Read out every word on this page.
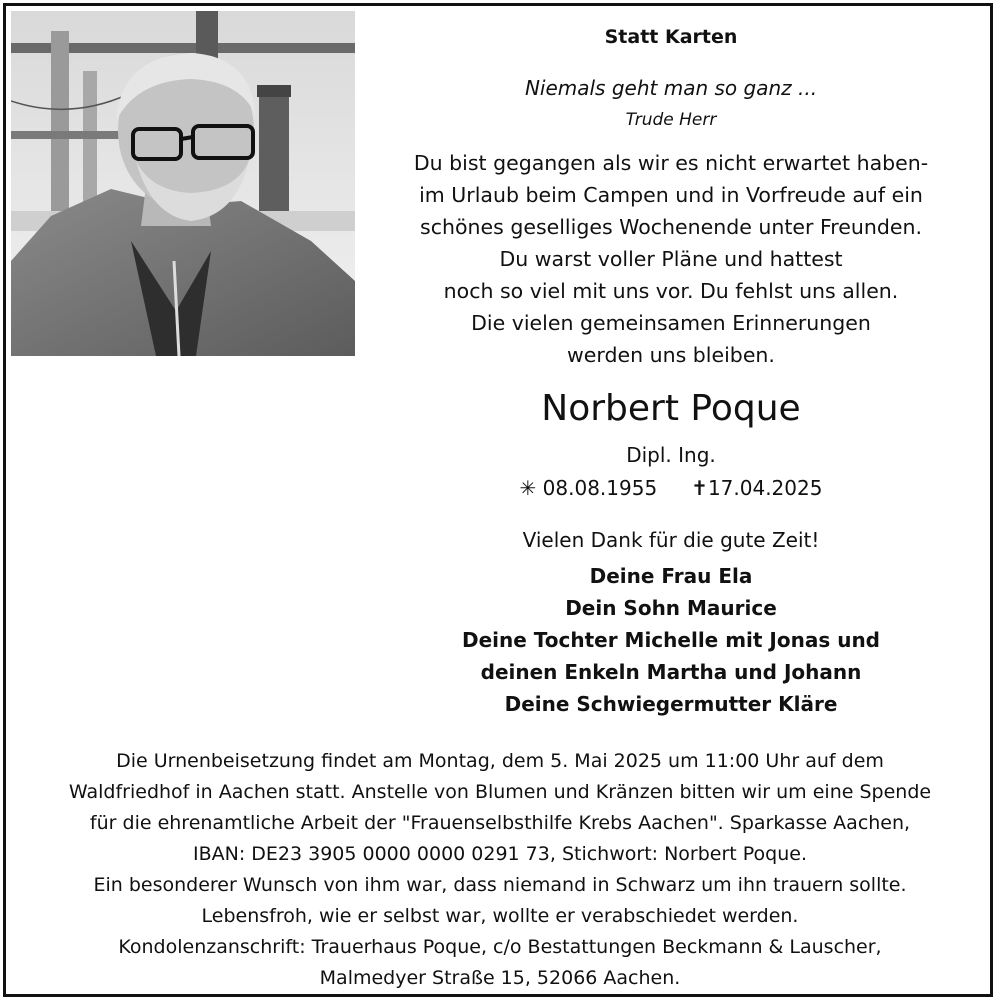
Statt Karten
Niemals geht man so ganz ...
Trude Herr
Du bist gegangen als wir es nicht erwartet haben-
im Urlaub beim Campen und in Vorfreude auf ein
schönes geselliges Wochenende unter Freunden.
Du warst voller Pläne und hattest
noch so viel mit uns vor. Du fehlst uns allen.
Die vielen gemeinsamen Erinnerungen
werden uns bleiben.
Norbert Poque
Dipl. Ing.
✳ 08.08.1955 ✝17.04.2025
Vielen Dank für die gute Zeit!
Deine Frau Ela
Dein Sohn Maurice
Deine Tochter Michelle mit Jonas und
deinen Enkeln Martha und Johann
Deine Schwiegermutter Kläre
Die Urnenbeisetzung findet am Montag, dem 5. Mai 2025 um 11:00 Uhr auf dem
Waldfriedhof in Aachen statt. Anstelle von Blumen und Kränzen bitten wir um eine Spende
für die ehrenamtliche Arbeit der "Frauenselbsthilfe Krebs Aachen". Sparkasse Aachen,
IBAN: DE23 3905 0000 0000 0291 73, Stichwort: Norbert Poque.
Ein besonderer Wunsch von ihm war, dass niemand in Schwarz um ihn trauern sollte.
Lebensfroh, wie er selbst war, wollte er verabschiedet werden.
Kondolenzanschrift: Trauerhaus Poque, c/o Bestattungen Beckmann & Lauscher,
Malmedyer Straße 15, 52066 Aachen.
